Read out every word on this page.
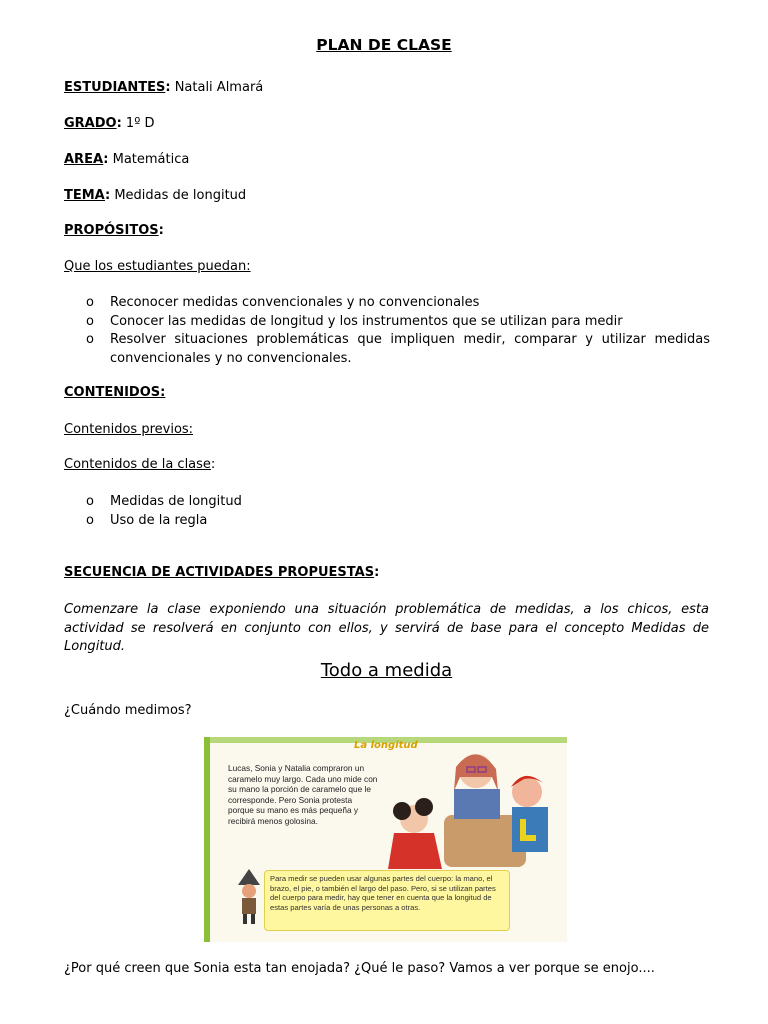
PLAN DE CLASE
ESTUDIANTES: Natali Almará
GRADO: 1º D
AREA: Matemática
TEMA: Medidas de longitud
PROPÓSITOS:
Que los estudiantes puedan:
o Reconocer medidas convencionales y no convencionales
o Conocer las medidas de longitud y los instrumentos que se utilizan para medir
o Resolver situaciones problemáticas que impliquen medir, comparar y utilizar medidas convencionales y no convencionales.
CONTENIDOS:
Contenidos previos:
Contenidos de la clase:
o Medidas de longitud
o Uso de la regla
SECUENCIA DE ACTIVIDADES PROPUESTAS:
Comenzare la clase exponiendo una situación problemática de medidas, a los chicos, esta actividad se resolverá en conjunto con ellos, y servirá de base para el concepto Medidas de Longitud.
Todo a medida
¿Cuándo medimos?
La longitud
Lucas, Sonia y Natalia compraron un caramelo muy largo. Cada uno mide con su mano la porción de caramelo que le corresponde. Pero Sonia protesta porque su mano es más pequeña y recibirá menos golosina.
Para medir se pueden usar algunas partes del cuerpo: la mano, el brazo, el pie, o también el largo del paso. Pero, si se utilizan partes del cuerpo para medir, hay que tener en cuenta que la longitud de estas partes varía de unas personas a otras.
¿Por qué creen que Sonia esta tan enojada? ¿Qué le paso? Vamos a ver porque se enojo....
